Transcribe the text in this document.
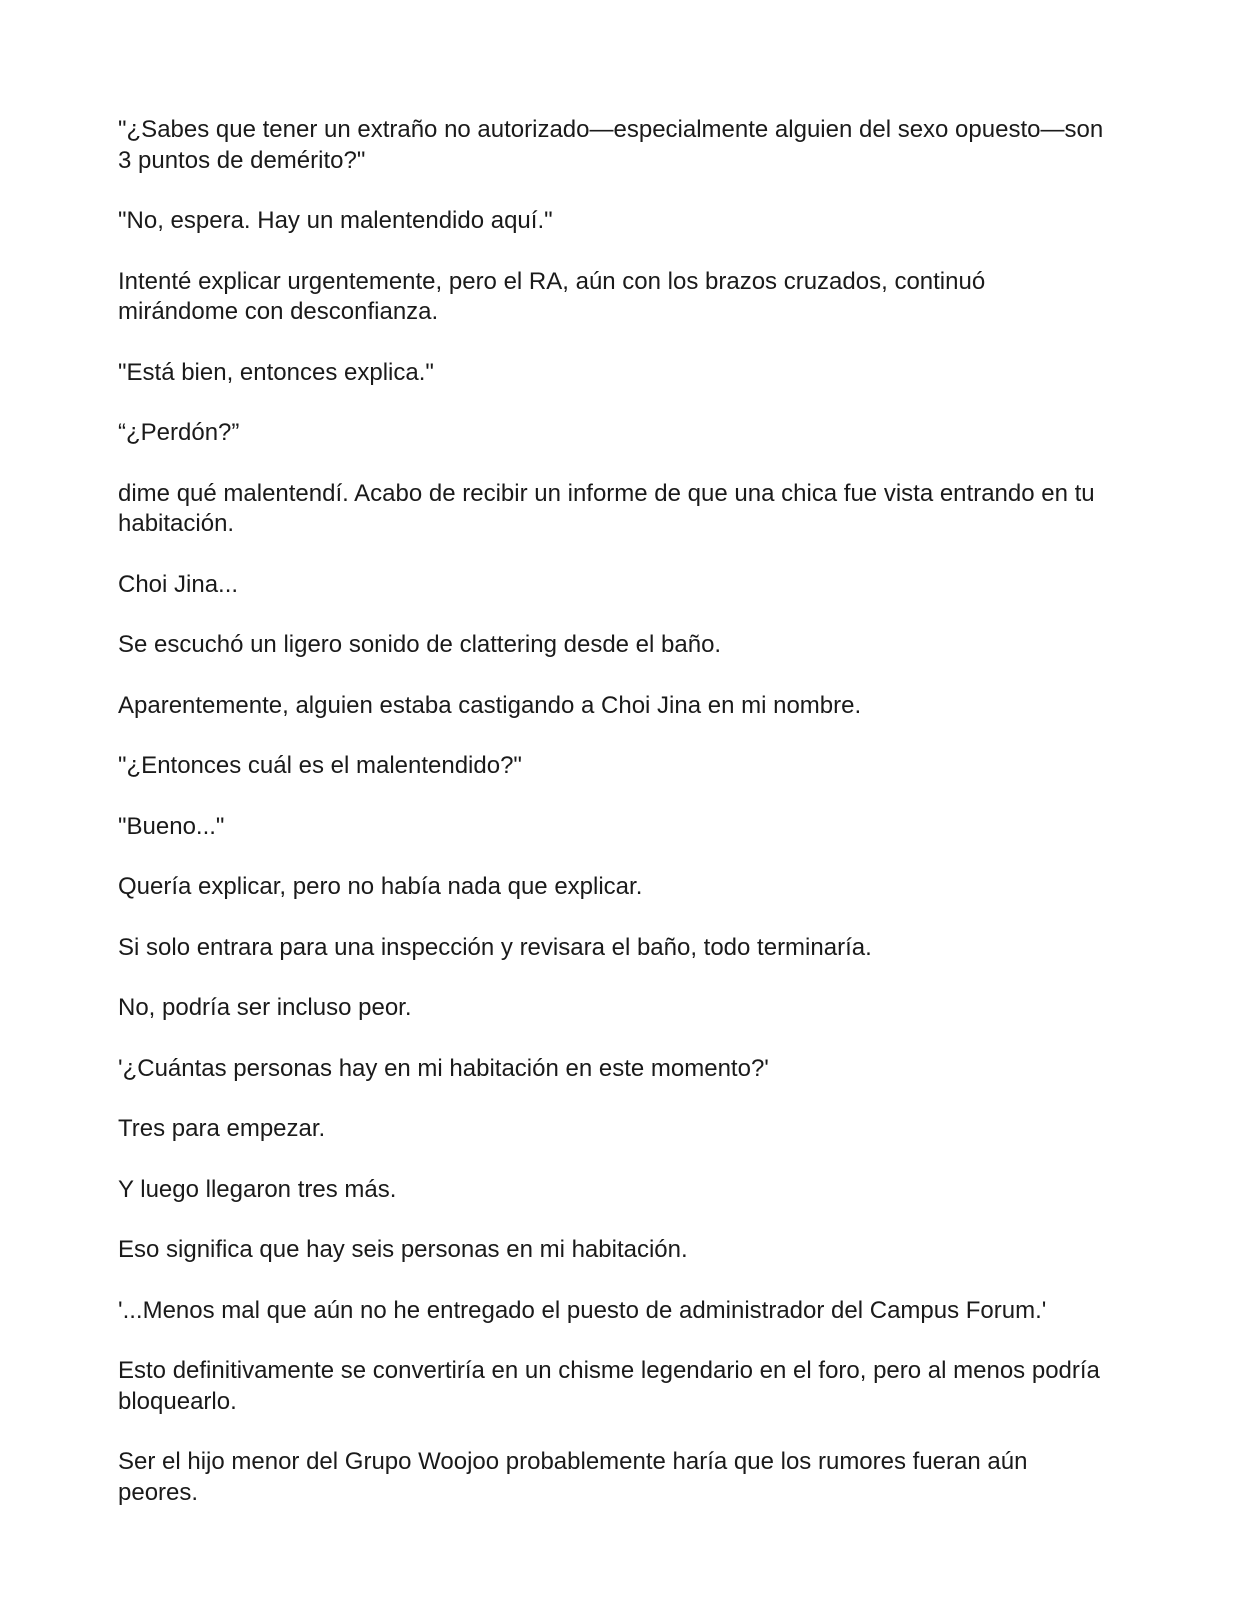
"¿Sabes que tener un extraño no autorizado—especialmente alguien del sexo opuesto—son 3 puntos de demérito?"

"No, espera. Hay un malentendido aquí."

Intenté explicar urgentemente, pero el RA, aún con los brazos cruzados, continuó mirándome con desconfianza.

"Está bien, entonces explica."

“¿Perdón?”

dime qué malentendí. Acabo de recibir un informe de que una chica fue vista entrando en tu habitación.

Choi Jina...

Se escuchó un ligero sonido de clattering desde el baño.

Aparentemente, alguien estaba castigando a Choi Jina en mi nombre.

"¿Entonces cuál es el malentendido?"

"Bueno..."

Quería explicar, pero no había nada que explicar.

Si solo entrara para una inspección y revisara el baño, todo terminaría.

No, podría ser incluso peor.

'¿Cuántas personas hay en mi habitación en este momento?'

Tres para empezar.

Y luego llegaron tres más.

Eso significa que hay seis personas en mi habitación.

'...Menos mal que aún no he entregado el puesto de administrador del Campus Forum.'

Esto definitivamente se convertiría en un chisme legendario en el foro, pero al menos podría bloquearlo.

Ser el hijo menor del Grupo Woojoo probablemente haría que los rumores fueran aún peores.
